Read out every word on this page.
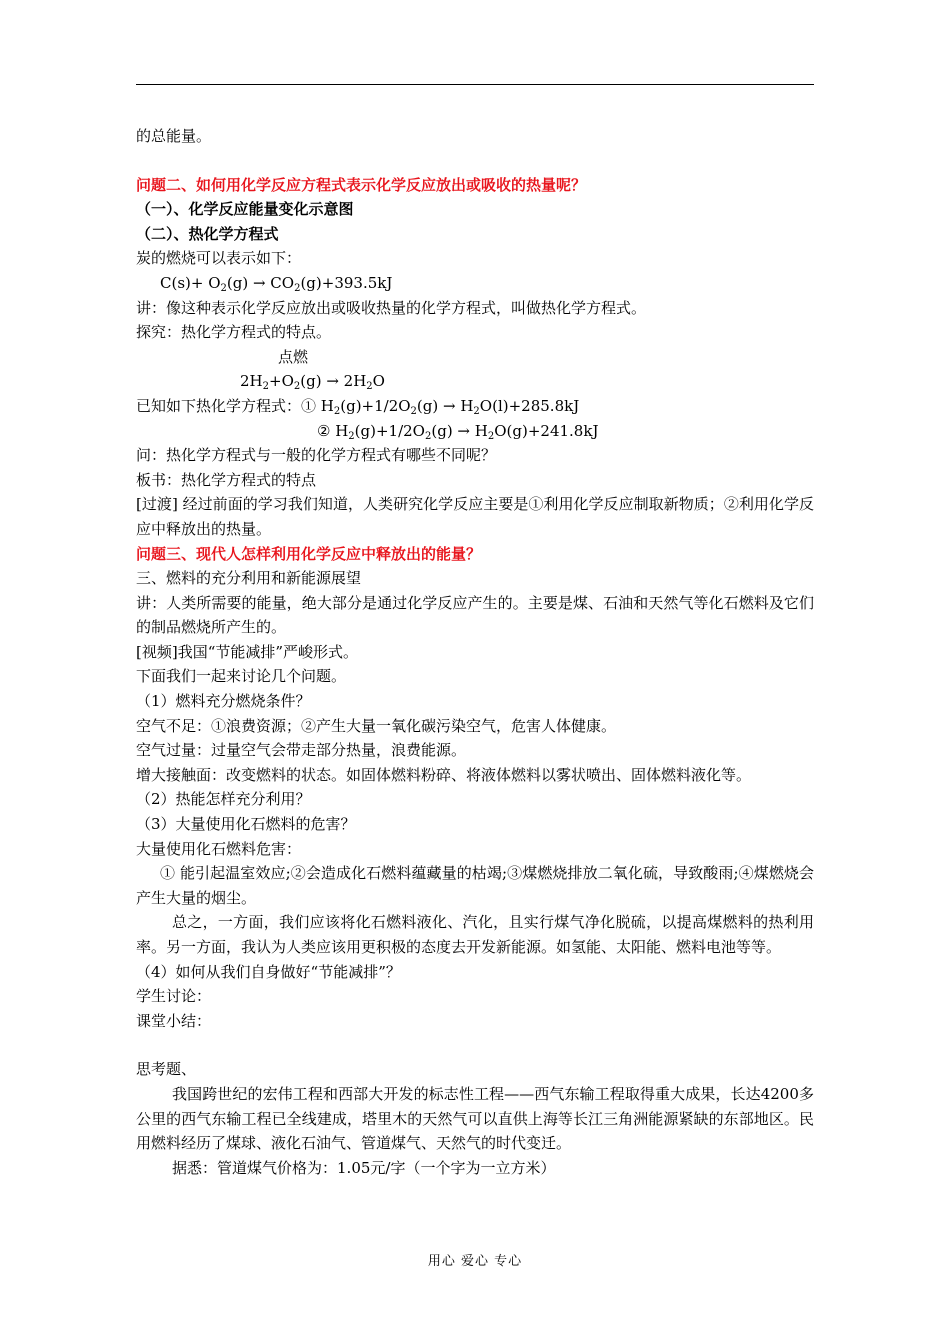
的总能量。

问题二、如何用化学反应方程式表示化学反应放出或吸收的热量呢？

（一）、化学反应能量变化示意图

（二）、热化学方程式

炭的燃烧可以表示如下：

$C(s)+ O_2(g) \to CO_2(g)+393.5kJ$

讲：像这种表示化学反应放出或吸收热量的化学方程式，叫做热化学方程式。

探究：热化学方程式的特点。

点燃

$2H_2+O_2(g) \to 2H_2O$

已知如下热化学方程式：① $H_2(g)+1/2O_2(g) \to H_2O(l)+285.8kJ$

② $H_2(g)+1/2O_2(g) \to H_2O(g)+241.8kJ$

问：热化学方程式与一般的化学方程式有哪些不同呢？

板书：热化学方程式的特点

[过渡] 经过前面的学习我们知道，人类研究化学反应主要是①利用化学反应制取新物质；②利用化学反应中释放出的热量。

问题三、现代人怎样利用化学反应中释放出的能量？

三、燃料的充分利用和新能源展望

讲：人类所需要的能量，绝大部分是通过化学反应产生的。主要是煤、石油和天然气等化石燃料及它们的制品燃烧所产生的。

[视频]我国“节能减排”严峻形式。

下面我们一起来讨论几个问题。

（1）燃料充分燃烧条件？

空气不足：①浪费资源；②产生大量一氧化碳污染空气，危害人体健康。

空气过量：过量空气会带走部分热量，浪费能源。

增大接触面：改变燃料的状态。如固体燃料粉碎、将液体燃料以雾状喷出、固体燃料液化等。

（2）热能怎样充分利用？

（3）大量使用化石燃料的危害？

大量使用化石燃料危害：

① 能引起温室效应;②会造成化石燃料蕴藏量的枯竭;③煤燃烧排放二氧化硫，导致酸雨;④煤燃烧会产生大量的烟尘。

总之，一方面，我们应该将化石燃料液化、汽化，且实行煤气净化脱硫，以提高煤燃料的热利用率。另一方面，我认为人类应该用更积极的态度去开发新能源。如氢能、太阳能、燃料电池等等。

（4）如何从我们自身做好“节能减排”？

学生讨论：

课堂小结：

思考题、

我国跨世纪的宏伟工程和西部大开发的标志性工程——西气东输工程取得重大成果，长达4200多公里的西气东输工程已全线建成，塔里木的天然气可以直供上海等长江三角洲能源紧缺的东部地区。民用燃料经历了煤球、液化石油气、管道煤气、天然气的时代变迁。

据悉：管道煤气价格为：1.05元/字（一个字为一立方米）

用心 爱心 专心
